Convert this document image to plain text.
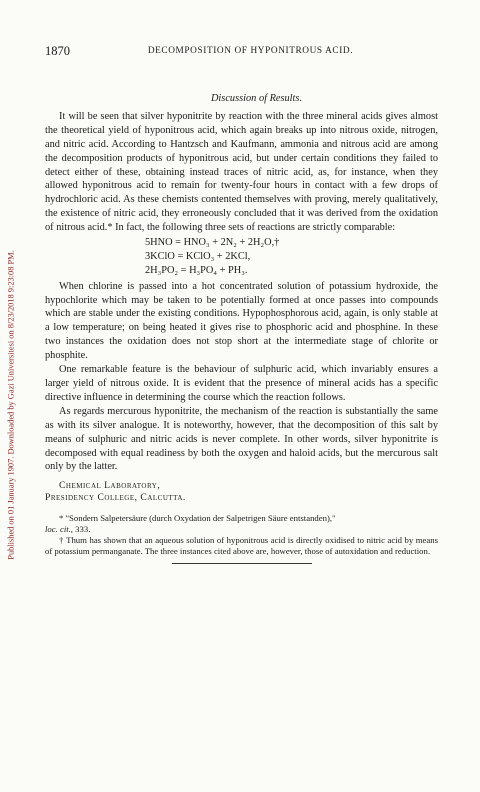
Published on 01 January 1907. Downloaded by Gazi Universitesi on 8/23/2018 9:23:08 PM.
1870	DECOMPOSITION OF HYPONITROUS ACID.
Discussion of Results.

It will be seen that silver hyponitrite by reaction with the three mineral acids gives almost the theoretical yield of hyponitrous acid, which again breaks up into nitrous oxide, nitrogen, and nitric acid. According to Hantzsch and Kaufmann, ammonia and nitrous acid are among the decomposition products of hyponitrous acid, but under certain conditions they failed to detect either of these, obtaining instead traces of nitric acid, as, for instance, when they allowed hyponitrous acid to remain for twenty-four hours in contact with a few drops of hydrochloric acid. As these chemists contented themselves with proving, merely qualitatively, the existence of nitric acid, they erroneously concluded that it was derived from the oxidation of nitrous acid.* In fact, the following three sets of reactions are strictly comparable:

5HNO = HNO₃ + 2N₂ + 2H₂O,†
3KClO = KClO₃ + 2KCl,
2H₃PO₂ = H₃PO₄ + PH₃.

When chlorine is passed into a hot concentrated solution of potassium hydroxide, the hypochlorite which may be taken to be potentially formed at once passes into compounds which are stable under the existing conditions. Hypophosphorous acid, again, is only stable at a low temperature; on being heated it gives rise to phosphoric acid and phosphine. In these two instances the oxidation does not stop short at the intermediate stage of chlorite or phosphite.

One remarkable feature is the behaviour of sulphuric acid, which invariably ensures a larger yield of nitrous oxide. It is evident that the presence of mineral acids has a specific directive influence in determining the course which the reaction follows.

As regards mercurous hyponitrite, the mechanism of the reaction is substantially the same as with its silver analogue. It is noteworthy, however, that the decomposition of this salt by means of sulphuric and nitric acids is never complete. In other words, silver hyponitrite is decomposed with equal readiness by both the oxygen and haloid acids, but the mercurous salt only by the latter.

Chemical Laboratory,
Presidency College, Calcutta.

* "Sondern Salpetersäure (durch Oxydation der Salpetrigen Säure entstanden),"
loc. cit., 333.

† Thum has shown that an aqueous solution of hyponitrous acid is directly oxidised to nitric acid by means of potassium permanganate. The three instances cited above are, however, those of autoxidation and reduction.
